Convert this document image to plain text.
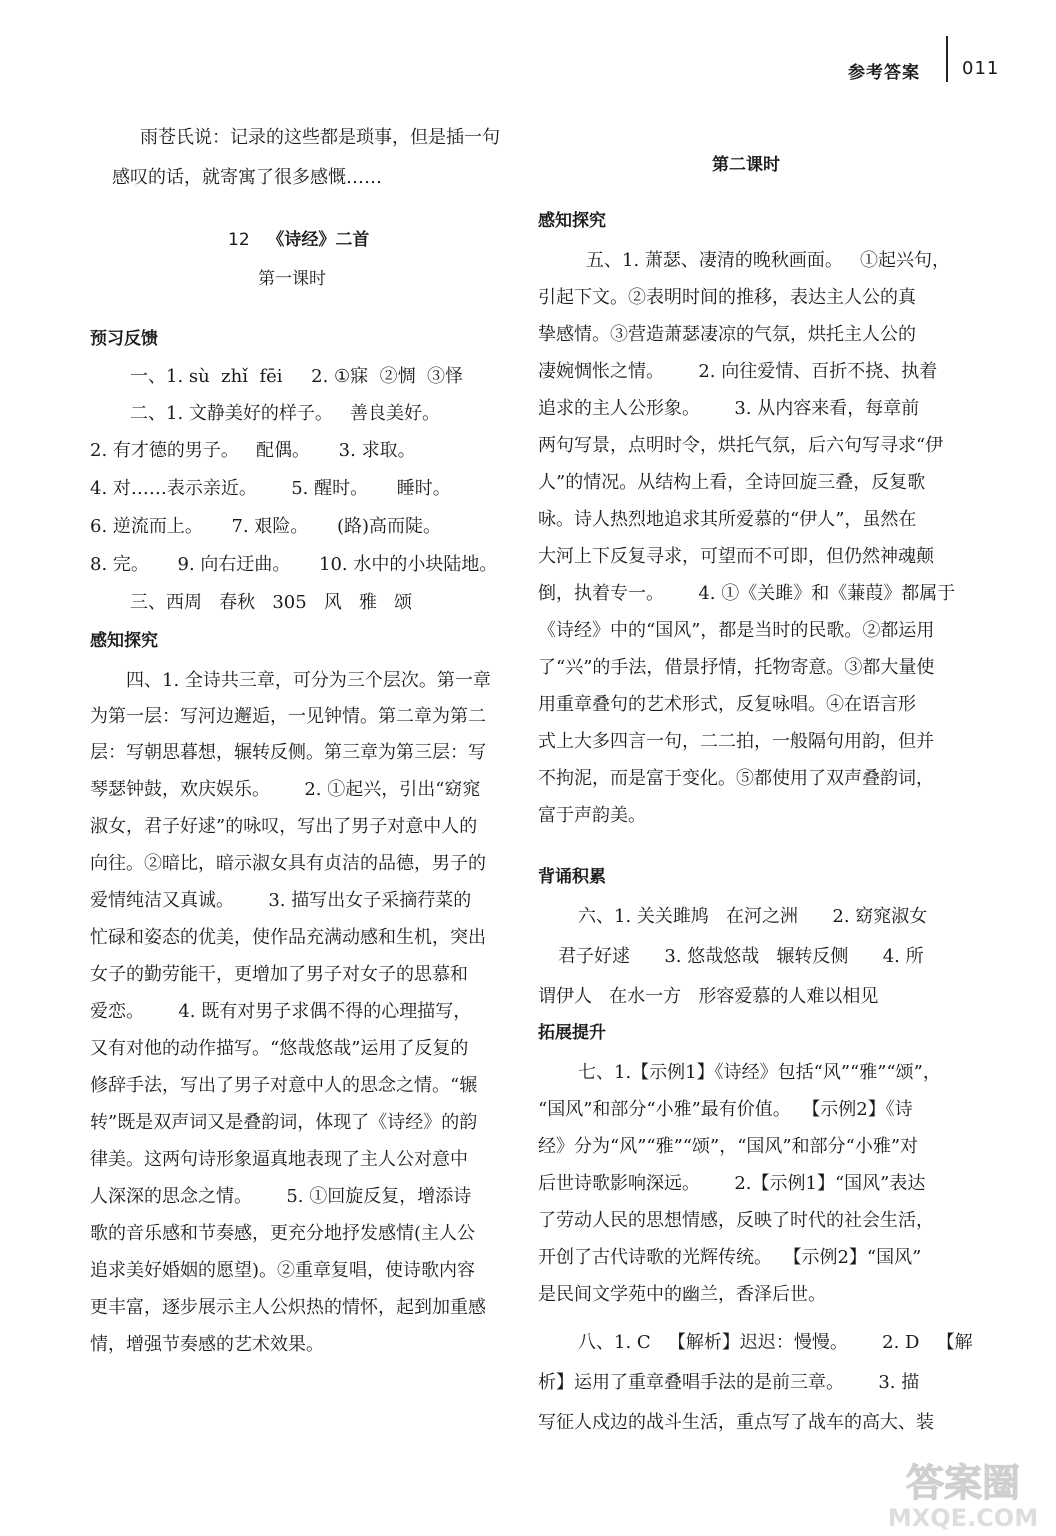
参考答案 011
雨苍氏说：记录的这些都是琐事，但是插一句
感叹的话，就寄寓了很多感慨……
12 《诗经》二首
第一课时
预习反馈
一、1. sù  zhǐ  fēi     2. ①寐  ②惆  ③怿
二、1. 文静美好的样子。   善良美好。
2. 有才德的男子。   配偶。     3. 求取。
4. 对……表示亲近。      5. 醒时。     睡时。
6. 逆流而上。     7. 艰险。     (路)高而陡。
8. 完。     9. 向右迂曲。     10. 水中的小块陆地。
三、西周   春秋   305   风   雅   颂
感知探究
四、1. 全诗共三章，可分为三个层次。第一章
为第一层：写河边邂逅，一见钟情。第二章为第二
层：写朝思暮想，辗转反侧。第三章为第三层：写
琴瑟钟鼓，欢庆娱乐。      2. ①起兴，引出“窈窕
淑女，君子好逑”的咏叹，写出了男子对意中人的
向往。②暗比，暗示淑女具有贞洁的品德，男子的
爱情纯洁又真诚。      3. 描写出女子采摘荇菜的
忙碌和姿态的优美，使作品充满动感和生机，突出
女子的勤劳能干，更增加了男子对女子的思慕和
爱恋。      4. 既有对男子求偶不得的心理描写，
又有对他的动作描写。“悠哉悠哉”运用了反复的
修辞手法，写出了男子对意中人的思念之情。“辗
转”既是双声词又是叠韵词，体现了《诗经》的韵
律美。这两句诗形象逼真地表现了主人公对意中
人深深的思念之情。      5. ①回旋反复，增添诗
歌的音乐感和节奏感，更充分地抒发感情(主人公
追求美好婚姻的愿望)。②重章复唱，使诗歌内容
更丰富，逐步展示主人公炽热的情怀，起到加重感
情，增强节奏感的艺术效果。
第二课时
感知探究
五、1. 萧瑟、凄清的晚秋画面。   ①起兴句，
引起下文。②表明时间的推移，表达主人公的真
挚感情。③营造萧瑟凄凉的气氛，烘托主人公的
凄婉惆怅之情。      2. 向往爱情、百折不挠、执着
追求的主人公形象。      3. 从内容来看，每章前
两句写景，点明时令，烘托气氛，后六句写寻求“伊
人”的情况。从结构上看，全诗回旋三叠，反复歌
咏。诗人热烈地追求其所爱慕的“伊人”，虽然在
大河上下反复寻求，可望而不可即，但仍然神魂颠
倒，执着专一。      4. ①《关雎》和《蒹葭》都属于
《诗经》中的“国风”，都是当时的民歌。②都运用
了“兴”的手法，借景抒情，托物寄意。③都大量使
用重章叠句的艺术形式，反复咏唱。④在语言形
式上大多四言一句，二二拍，一般隔句用韵，但并
不拘泥，而是富于变化。⑤都使用了双声叠韵词，
富于声韵美。
背诵积累
六、1. 关关雎鸠   在河之洲      2. 窈窕淑女
君子好逑      3. 悠哉悠哉   辗转反侧      4. 所
谓伊人   在水一方   形容爱慕的人难以相见
拓展提升
七、1.【示例1】《诗经》包括“风”“雅”“颂”，
“国风”和部分“小雅”最有价值。  【示例2】《诗
经》分为“风”“雅”“颂”，“国风”和部分“小雅”对
后世诗歌影响深远。      2.【示例1】“国风”表达
了劳动人民的思想情感，反映了时代的社会生活，
开创了古代诗歌的光辉传统。  【示例2】“国风”
是民间文学苑中的幽兰，香泽后世。
八、1. C   【解析】迟迟：慢慢。      2. D   【解
析】运用了重章叠唱手法的是前三章。      3. 描
写征人戍边的战斗生活，重点写了战车的高大、装
答案圈
MXQE.COM
